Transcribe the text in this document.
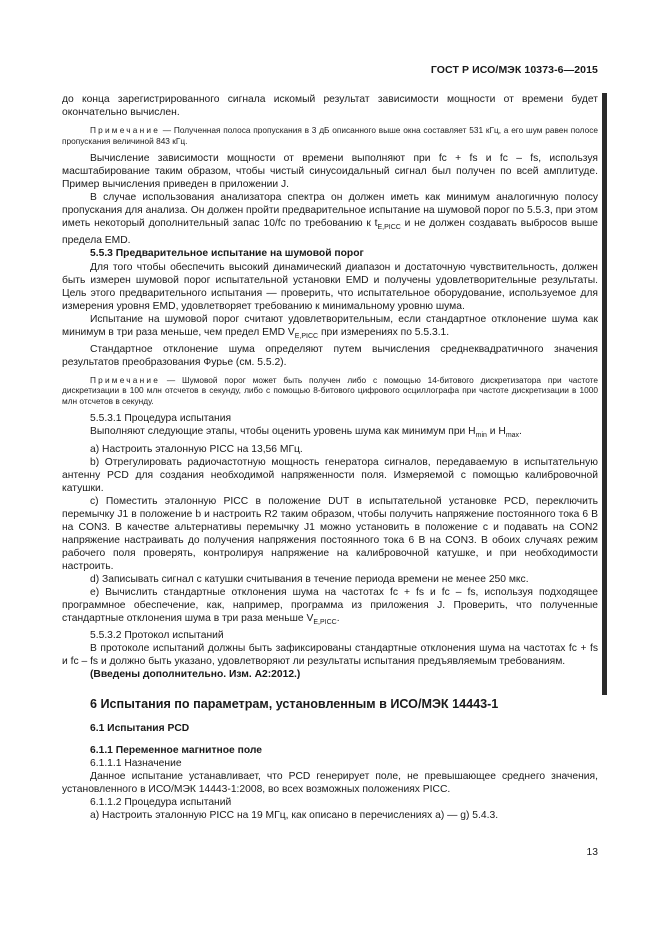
ГОСТ Р ИСО/МЭК 10373-6—2015

до конца зарегистрированного сигнала искомый результат зависимости мощности от времени будет окончательно вычислен.

Примечание — Полученная полоса пропускания в 3 дБ описанного выше окна составляет 531 кГц, а его шум равен полосе пропускания величиной 843 кГц.

Вычисление зависимости мощности от времени выполняют при fc + fs и fc – fs, используя масштабирование таким образом, чтобы чистый синусоидальный сигнал был получен по всей амплитуде. Пример вычисления приведен в приложении J.

В случае использования анализатора спектра он должен иметь как минимум аналогичную полосу пропускания для анализа. Он должен пройти предварительное испытание на шумовой порог по 5.5.3, при этом иметь некоторый дополнительный запас 10/fc по требованию к $t_{E,PICC}$ и не должен создавать выбросов выше предела EMD.

5.5.3 Предварительное испытание на шумовой порог

Для того чтобы обеспечить высокий динамический диапазон и достаточную чувствительность, должен быть измерен шумовой порог испытательной установки EMD и получены удовлетворительные результаты. Цель этого предварительного испытания — проверить, что испытательное оборудование, используемое для измерения уровня EMD, удовлетворяет требованию к минимальному уровню шума.

Испытание на шумовой порог считают удовлетворительным, если стандартное отклонение шума как минимум в три раза меньше, чем предел EMD $V_{E,PICC}$ при измерениях по 5.5.3.1.

Стандартное отклонение шума определяют путем вычисления среднеквадратичного значения результатов преобразования Фурье (см. 5.5.2).

Примечание — Шумовой порог может быть получен либо с помощью 14-битового дискретизатора при частоте дискретизации в 100 млн отсчетов в секунду, либо с помощью 8-битового цифрового осциллографа при частоте дискретизации в 1000 млн отсчетов в секунду.

5.5.3.1 Процедура испытания

Выполняют следующие этапы, чтобы оценить уровень шума как минимум при $H_{min}$ и $H_{max}$.

a) Настроить эталонную PICC на 13,56 МГц.

b) Отрегулировать радиочастотную мощность генератора сигналов, передаваемую в испытательную антенну PCD для создания необходимой напряженности поля. Измеряемой с помощью калибровочной катушки.

c) Поместить эталонную PICC в положение DUT в испытательной установке PCD, переключить перемычку J1 в положение b и настроить R2 таким образом, чтобы получить напряжение постоянного тока 6 В на CON3. В качестве альтернативы перемычку J1 можно установить в положение с и подавать на CON2 напряжение настраивать до получения напряжения постоянного тока 6 В на CON3. В обоих случаях режим рабочего поля проверять, контролируя напряжение на калибровочной катушке, и при необходимости настроить.

d) Записывать сигнал с катушки считывания в течение периода времени не менее 250 мкс.

e) Вычислить стандартные отклонения шума на частотах fc + fs и fc – fs, используя подходящее программное обеспечение, как, например, программа из приложения J. Проверить, что полученные стандартные отклонения шума в три раза меньше $V_{E,PICC}$.

5.5.3.2 Протокол испытаний

В протоколе испытаний должны быть зафиксированы стандартные отклонения шума на частотах fc + fs и fc – fs и должно быть указано, удовлетворяют ли результаты испытания предъявляемым требованиям.

(Введены дополнительно. Изм. А2:2012.)

6 Испытания по параметрам, установленным в ИСО/МЭК 14443-1

6.1 Испытания PCD

6.1.1 Переменное магнитное поле

6.1.1.1 Назначение

Данное испытание устанавливает, что PCD генерирует поле, не превышающее среднего значения, установленного в ИСО/МЭК 14443-1:2008, во всех возможных положениях PICC.

6.1.1.2 Процедура испытаний

a) Настроить эталонную PICC на 19 МГц, как описано в перечислениях a) — g) 5.4.3.

13
